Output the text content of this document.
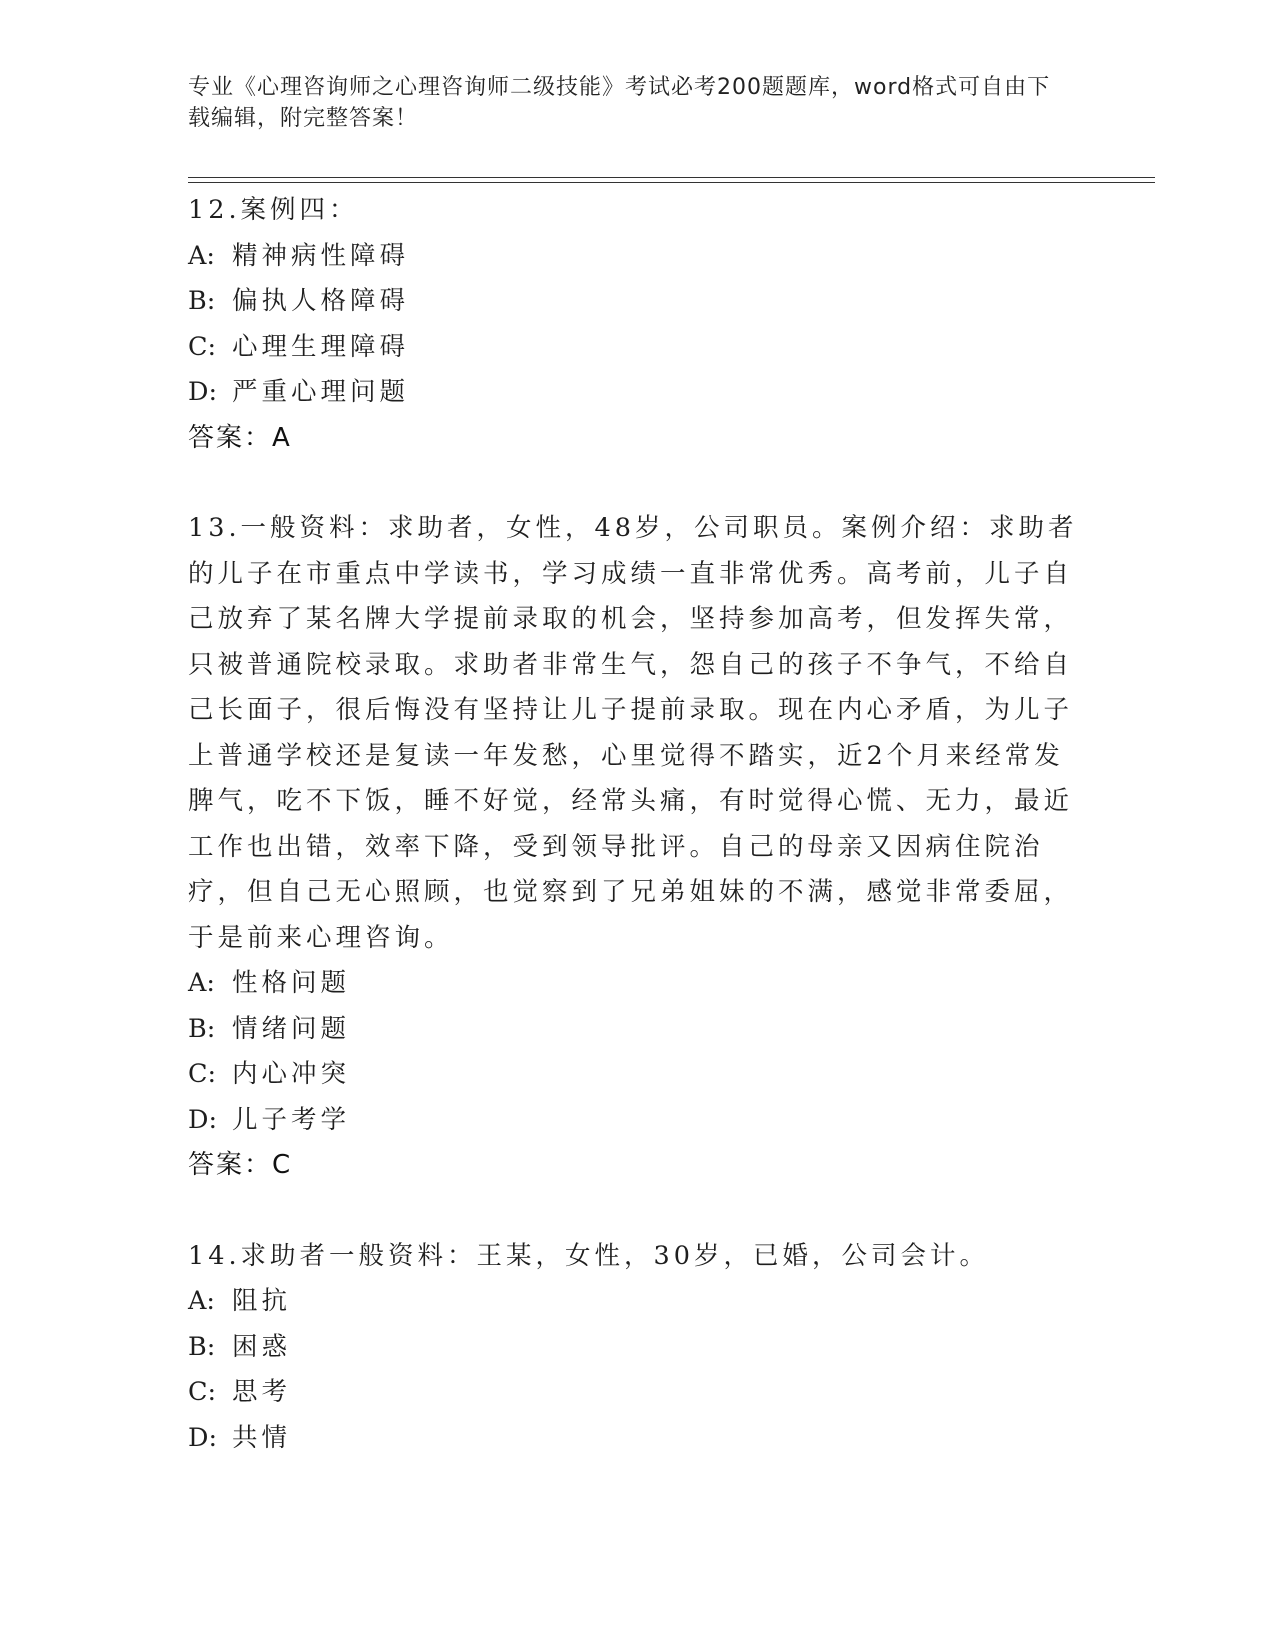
专业《心理咨询师之心理咨询师二级技能》考试必考200题题库，word格式可自由下载编辑，附完整答案！
12.案例四：
A: 精神病性障碍
B: 偏执人格障碍
C: 心理生理障碍
D: 严重心理问题
答案：A
13.一般资料：求助者，女性，48岁，公司职员。案例介绍：求助者的儿子在市重点中学读书，学习成绩一直非常优秀。高考前，儿子自己放弃了某名牌大学提前录取的机会，坚持参加高考，但发挥失常，只被普通院校录取。求助者非常生气，怨自己的孩子不争气，不给自己长面子，很后悔没有坚持让儿子提前录取。现在内心矛盾，为儿子上普通学校还是复读一年发愁，心里觉得不踏实，近2个月来经常发脾气，吃不下饭，睡不好觉，经常头痛，有时觉得心慌、无力，最近工作也出错，效率下降，受到领导批评。自己的母亲又因病住院治疗，但自己无心照顾，也觉察到了兄弟姐妹的不满，感觉非常委屈，于是前来心理咨询。
A: 性格问题
B: 情绪问题
C: 内心冲突
D: 儿子考学
答案：C
14.求助者一般资料：王某，女性，30岁，已婚，公司会计。
A: 阻抗
B: 困惑
C: 思考
D: 共情
